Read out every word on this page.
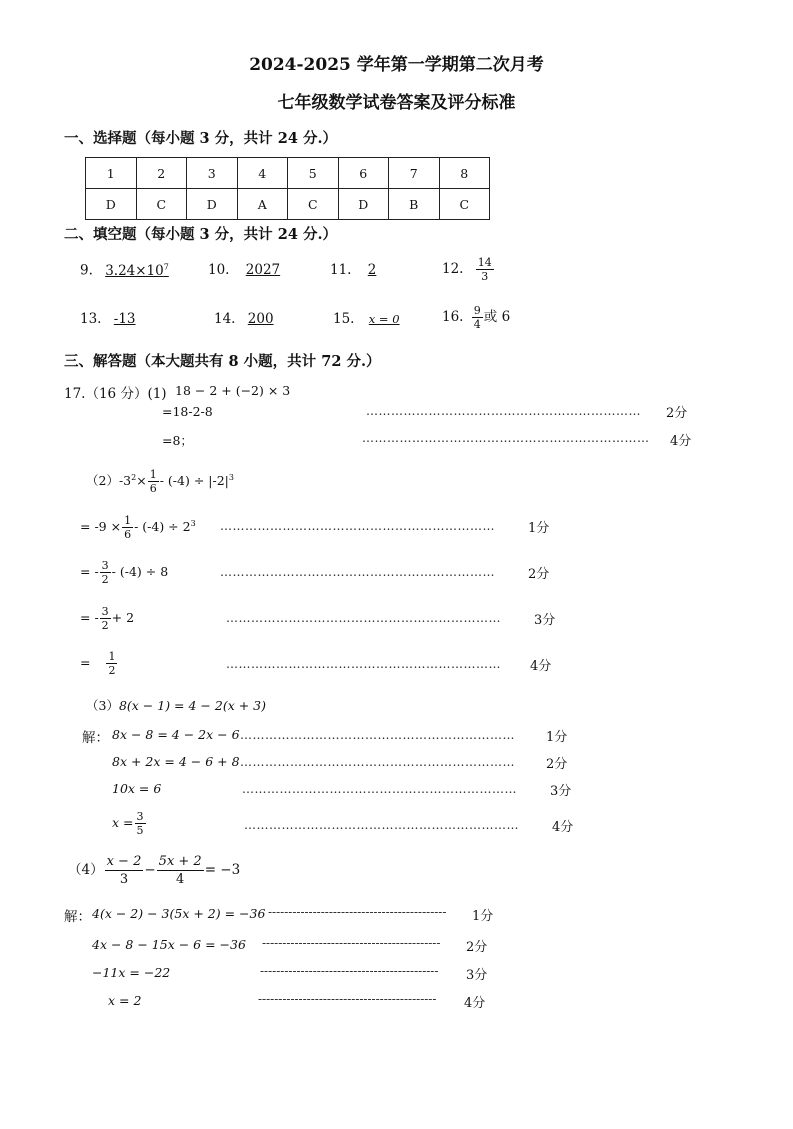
2024-2025 学年第一学期第二次月考
七年级数学试卷答案及评分标准
一、选择题（每小题 3 分，共计 24 分.）
1	2	3	4	5	6	7	8
D	C	D	A	C	D	B	C
二、填空题（每小题 3 分，共计 24 分.）
9. $3.24\times 10^7$	10. 2027	11. 2	12. $\frac{14}{3}$
13. -13	14. 200	15. x = 0	16. $\frac{9}{4}$ 或 6
三、解答题（本大题共有 8 小题，共计 72 分.）
17.（16 分）(1) 18 − 2 + (−2) × 3
=18-2-8	………………………………………………………… 2分
=8；	…………………………………………………………… 4分
$(2)-3^2\times \frac{1}{6} - (-4) \div |-2|^3$
= $-9 \times \frac{1}{6} - (-4) \div 2^3$ …………………………………………………………	1分
= - $\frac{3}{2} - (-4) \div 8$	…………………………………………………………	2分
= - $\frac{3}{2} + 2$	…………………………………………………………	3分
= $\frac{1}{2}$	………………………………………………………… 4分
（3）8(x − 1) = 4 − 2(x + 3)
解： 8x − 8 = 4 − 2x − 6 ………………………………………………………… 1分
8x + 2x = 4 − 6 + 8 ………………………………………………………… 2分
10x = 6	…………………………………………………………	3分
$x = \frac{3}{5}$	…………………………………………………………	4分
$(4) \frac{x - 2}{3} - \frac{5x + 2}{4} = -3$
解： 4(x − 2) − 3(5x + 2) = −36 -------------------------------------------- 1分
4x − 8 − 15x − 6 = −36 -------------------------------------------- 2分
−11x = −22	-------------------------------------------- 3分
x = 2	-------------------------------------------- 4分
